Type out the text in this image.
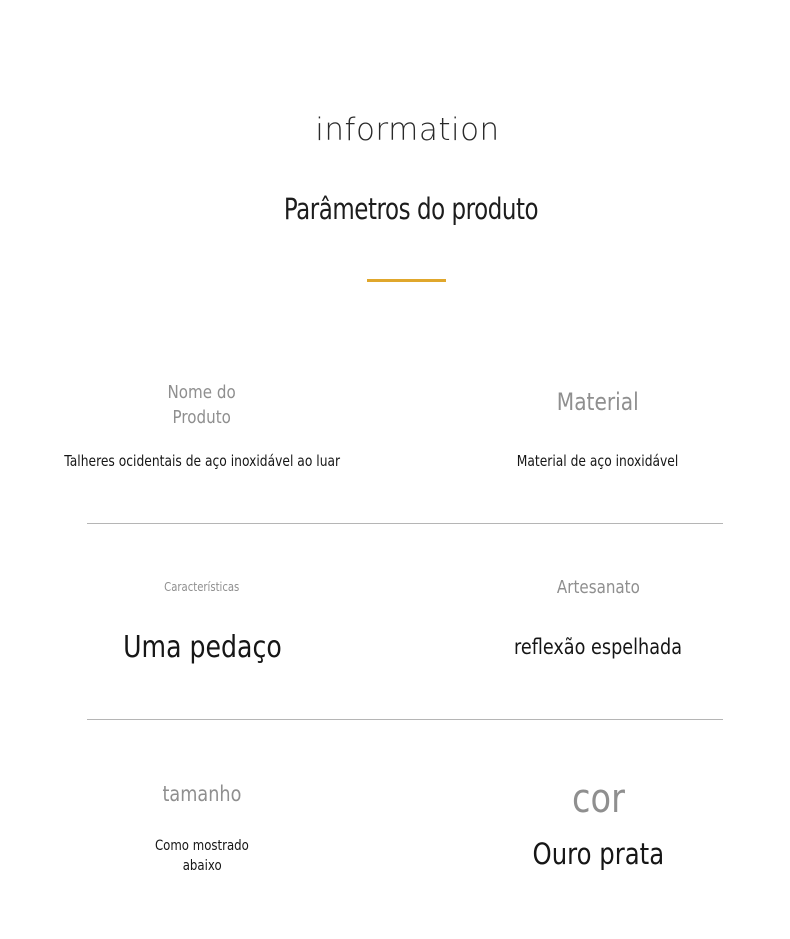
information
Parâmetros do produto
Nome do
Produto
Talheres ocidentais de aço inoxidável ao luar
Material
Material de aço inoxidável
Características
Uma pedaço
Artesanato
reflexão espelhada
tamanho
Como mostrado
abaixo
cor
Ouro prata
